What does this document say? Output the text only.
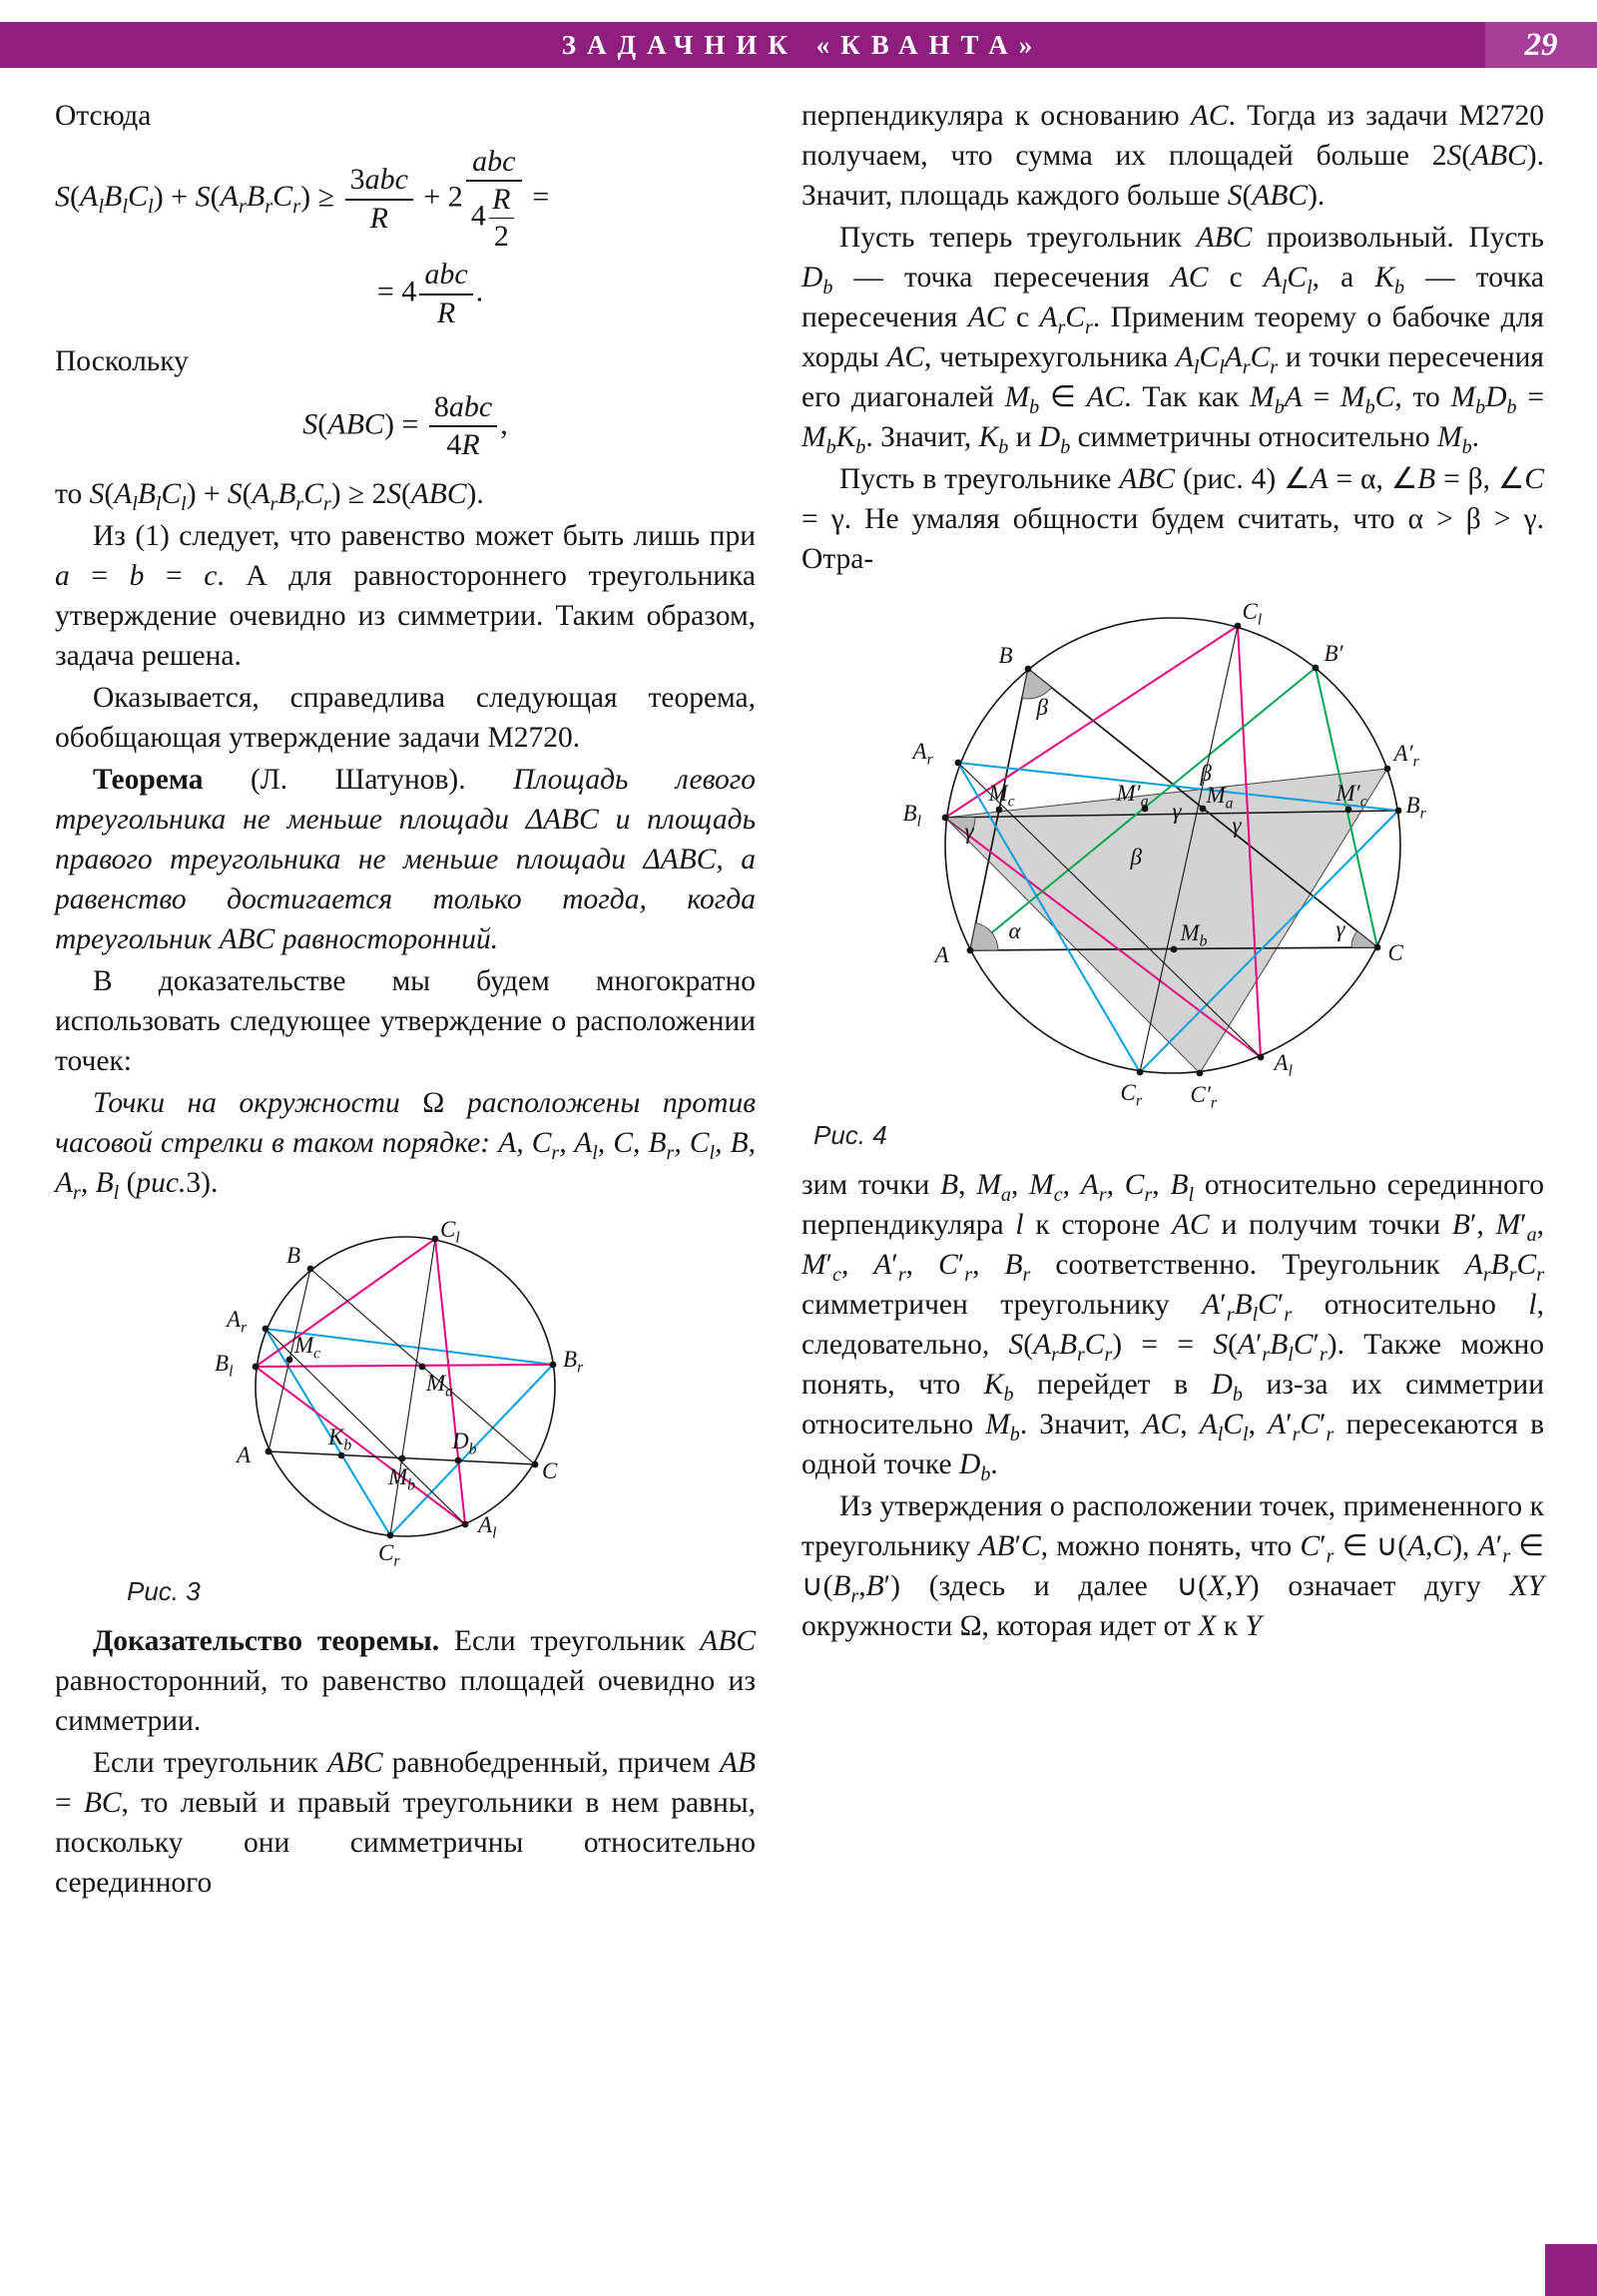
ЗАДАЧНИК «КВАНТА»	29

Отсюда

$S(A_lB_lC_l) + S(A_rB_rC_r) \ge \frac{\text{3abc}}{R} + 2 \frac{\text{abc}}{4 \frac{R}{2}}$ =
= $4 \frac{\text{abc}}{R}$ .

Поскольку

$S(ABC) = \frac{\text{8abc}}{4R}$ ,

то $S(A_lB_lC_l) + S(A_rB_rC_r) \ge 2S(ABC)$.

Из (1) следует, что равенство может быть лишь при a = b = c. А для равностороннего треугольника утверждение очевидно из симметрии. Таким образом, задача решена.

Оказывается, справедлива следующая теорема, обобщающая утверждение задачи М2720.

Теорема (Л. Шатунов). Площадь левого треугольника не меньше площади ΔABC и площадь правого треугольника не меньше площади ΔABC, а равенство достигается только тогда, когда треугольник ABC равносторонний.

В доказательстве мы будем многократно использовать следующее утверждение о расположении точек:

Точки на окружности Ω расположены против часовой стрелки в таком порядке: A, $C_r$, $A_l$, C, $B_r$, $C_l$, B, $A_r$, $B_l$ (рис.3).

B
$C_l$
$A_r$
$B_l$
$M_c$
$M_a$
$B_r$
A
$K_b$
$M_b$
$D_b$
C
$C_r$
$A_l$
Рис. 3

Доказательство теоремы. Если треугольник ABC равносторонний, то равенство площадей очевидно из симметрии.

Если треугольник ABC равнобедренный, причем AB = BC, то левый и правый треугольники в нем равны, поскольку они симметричны относительно серединного

перпендикуляра к основанию AC. Тогда из задачи М2720 получаем, что сумма их площадей больше 2S(ABC). Значит, площадь каждого больше S(ABC).

Пусть теперь треугольник ABC произвольный. Пусть $D_b$ — точка пересечения AC с $A_lC_l$, а $K_b$ — точка пересечения AC с $A_rC_r$. Применим теорему о бабочке для хорды AC, четырехугольника $A_lC_lA_rC_r$ и точки пересечения его диагоналей $M_b$ ∈ AC. Так как $M_bA = M_bC$, то $M_bD_b = M_bK_b$. Значит, $K_b$ и $D_b$ симметричны относительно $M_b$.

Пусть в треугольнике ABC (рис. 4) ∠A = α, ∠B = β, ∠C = γ. Не умаляя общности будем считать, что α > β > γ. Отра-

$C_l$
B	B′
$A_r$	$A'_r$
$B_l$
$B_r$
$M_c$	$M'_a$	$M_a$	$M'_c$
A	C
$M_b$
$C_r$ $C'_r$
$A_l$
α
β
β
β
γ
γ
γ
γ
Рис. 4

зим точки B, $M_a$, $M_c$, $A_r$, $C_r$, $B_l$ относительно серединного перпендикуляра l к стороне AC и получим точки B′, $M'_a$, $M'_c$, $A'_r$, $C'_r$, $B_r$ соответственно. Треугольник $A_rB_rC_r$ симметричен треугольнику $A'_rB_lC'_r$ относительно l, следовательно, $S(A_rB_rC_r)$ = = $S(A'_rB_lC'_r)$. Также можно понять, что $K_b$ перейдет в $D_b$ из-за их симметрии относительно $M_b$. Значит, AC, $A_lC_l$, $A'_rC'_r$ пересекаются в одной точке $D_b$.

Из утверждения о расположении точек, примененного к треугольнику AB′C, можно понять, что $C'_r$ ∈ ∪(A,C), $A'_r$ ∈ $\cup(B_r,B')$ (здесь и далее ∪(X,Y) означает дугу XY окружности Ω, которая идет от X к Y
